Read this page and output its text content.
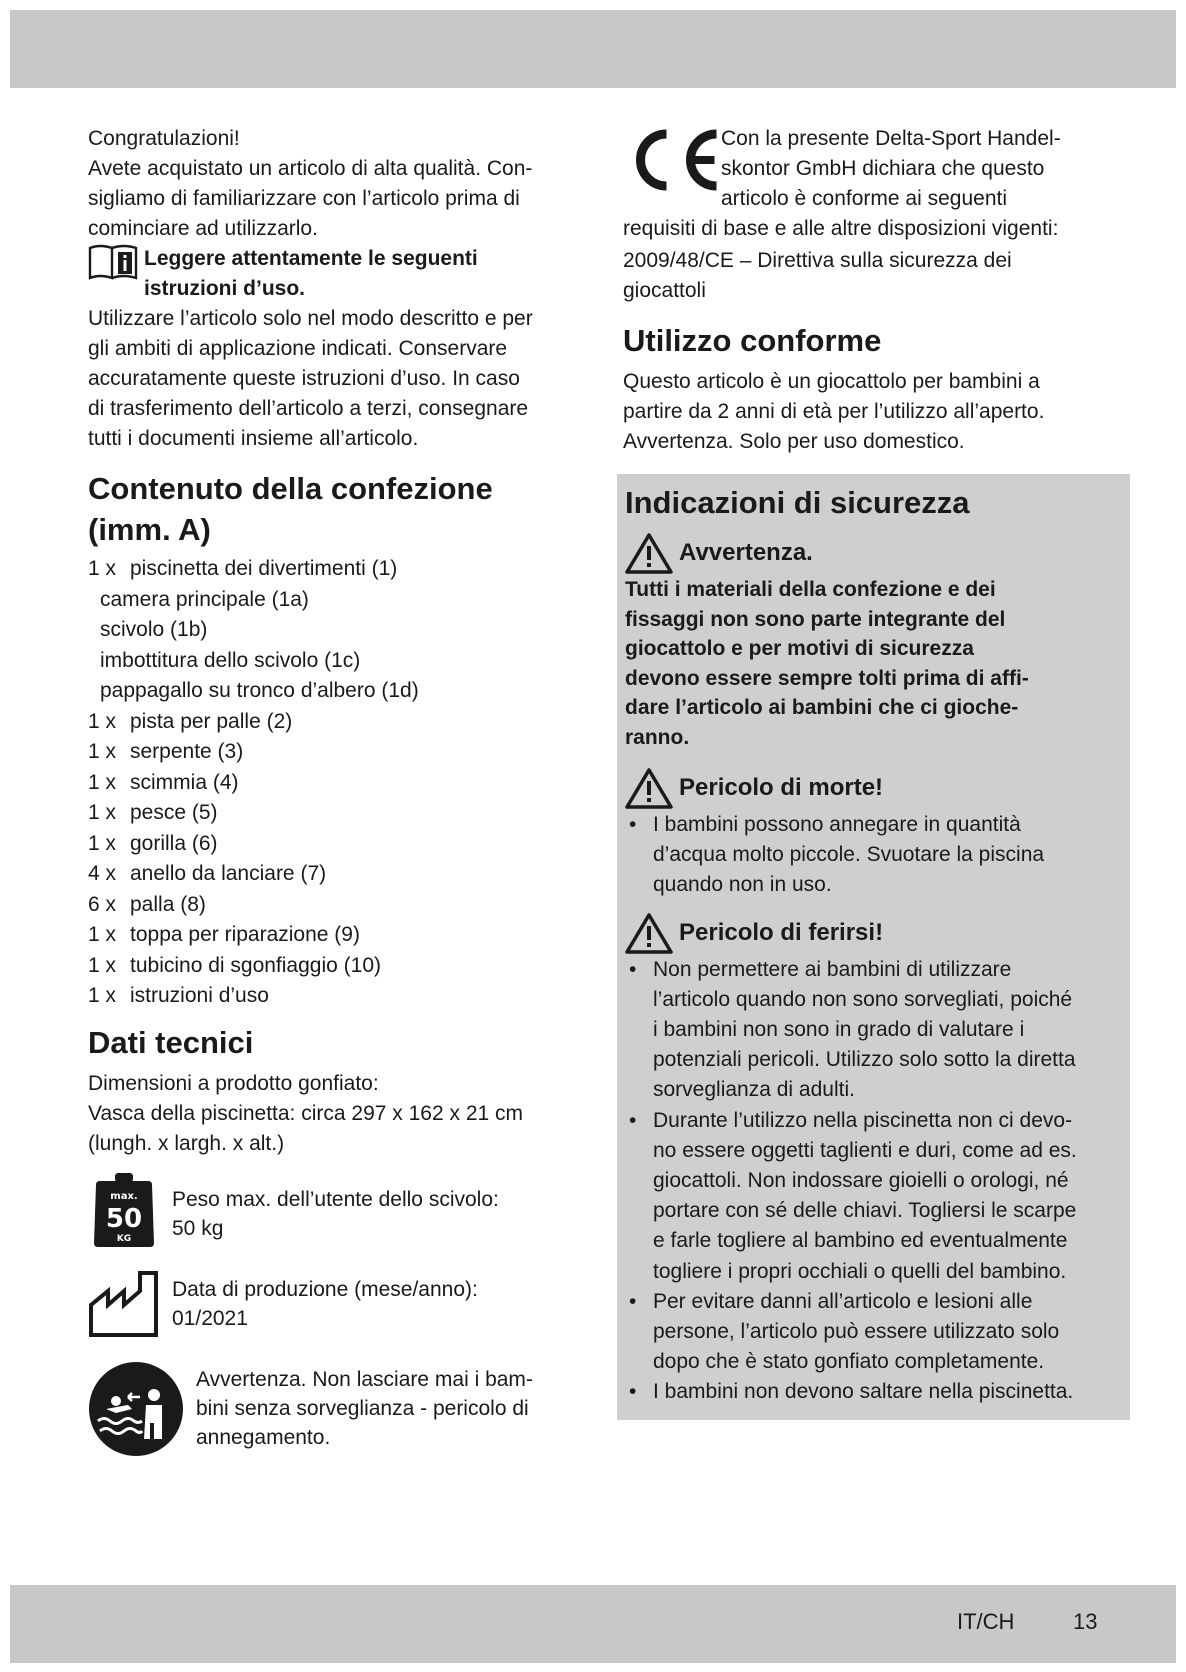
Congratulazioni!

Avete acquistato un articolo di alta qualità. Con-

sigliamo di familiarizzare con l’articolo prima di

cominciare ad utilizzarlo.

Leggere attentamente le seguenti
istruzioni d’uso.

Utilizzare l’articolo solo nel modo descritto e per

gli ambiti di applicazione indicati. Conservare

accuratamente queste istruzioni d’uso. In caso

di trasferimento dell’articolo a terzi, consegnare

tutti i documenti insieme all’articolo.

Contenuto della confezione
(imm. A)
1 x piscinetta dei divertimenti (1)
camera principale (1a)
scivolo (1b)
imbottitura dello scivolo (1c)
pappagallo su tronco d’albero (1d)
1 x pista per palle (2)
1 x serpente (3)
1 x scimmia (4)
1 x pesce (5)
1 x gorilla (6)
4 x anello da lanciare (7)
6 x palla (8)
1 x toppa per riparazione (9)
1 x tubicino di sgonfiaggio (10)
1 x istruzioni d’uso
Dati tecnici

Dimensioni a prodotto gonfiato:

Vasca della piscinetta: circa 297 x 162 x 21 cm

(lungh. x largh. x alt.)

max.
50
KG
Peso max. dell’utente dello scivolo:
50 kg
Data di produzione (mese/anno):
01/2021
Avvertenza. Non lasciare mai i bam-
bini senza sorveglianza - pericolo di
annegamento.
Con la presente Delta-Sport Handel-
skontor GmbH dichiara che questo
articolo è conforme ai seguenti

requisiti di base e alle altre disposizioni vigenti:

2009/48/CE – Direttiva sulla sicurezza dei

giocattoli

Utilizzo conforme

Questo articolo è un giocattolo per bambini a

partire da 2 anni di età per l’utilizzo all’aperto.

Avvertenza. Solo per uso domestico.

Indicazioni di sicurezza
Avvertenza.
Tutti i materiali della confezione e dei
fissaggi non sono parte integrante del
giocattolo e per motivi di sicurezza
devono essere sempre tolti prima di affi-
dare l’articolo ai bambini che ci gioche-
ranno.
Pericolo di morte!
• I bambini possono annegare in quantità
d’acqua molto piccole. Svuotare la piscina
quando non in uso.
Pericolo di ferirsi!
• Non permettere ai bambini di utilizzare
l’articolo quando non sono sorvegliati, poiché
i bambini non sono in grado di valutare i
potenziali pericoli. Utilizzo solo sotto la diretta
sorveglianza di adulti.
• Durante l’utilizzo nella piscinetta non ci devo-
no essere oggetti taglienti e duri, come ad es.
giocattoli. Non indossare gioielli o orologi, né
portare con sé delle chiavi. Togliersi le scarpe
e farle togliere al bambino ed eventualmente
togliere i propri occhiali o quelli del bambino.
• Per evitare danni all’articolo e lesioni alle
persone, l’articolo può essere utilizzato solo
dopo che è stato gonfiato completamente.
• I bambini non devono saltare nella piscinetta.
IT/CH	13
